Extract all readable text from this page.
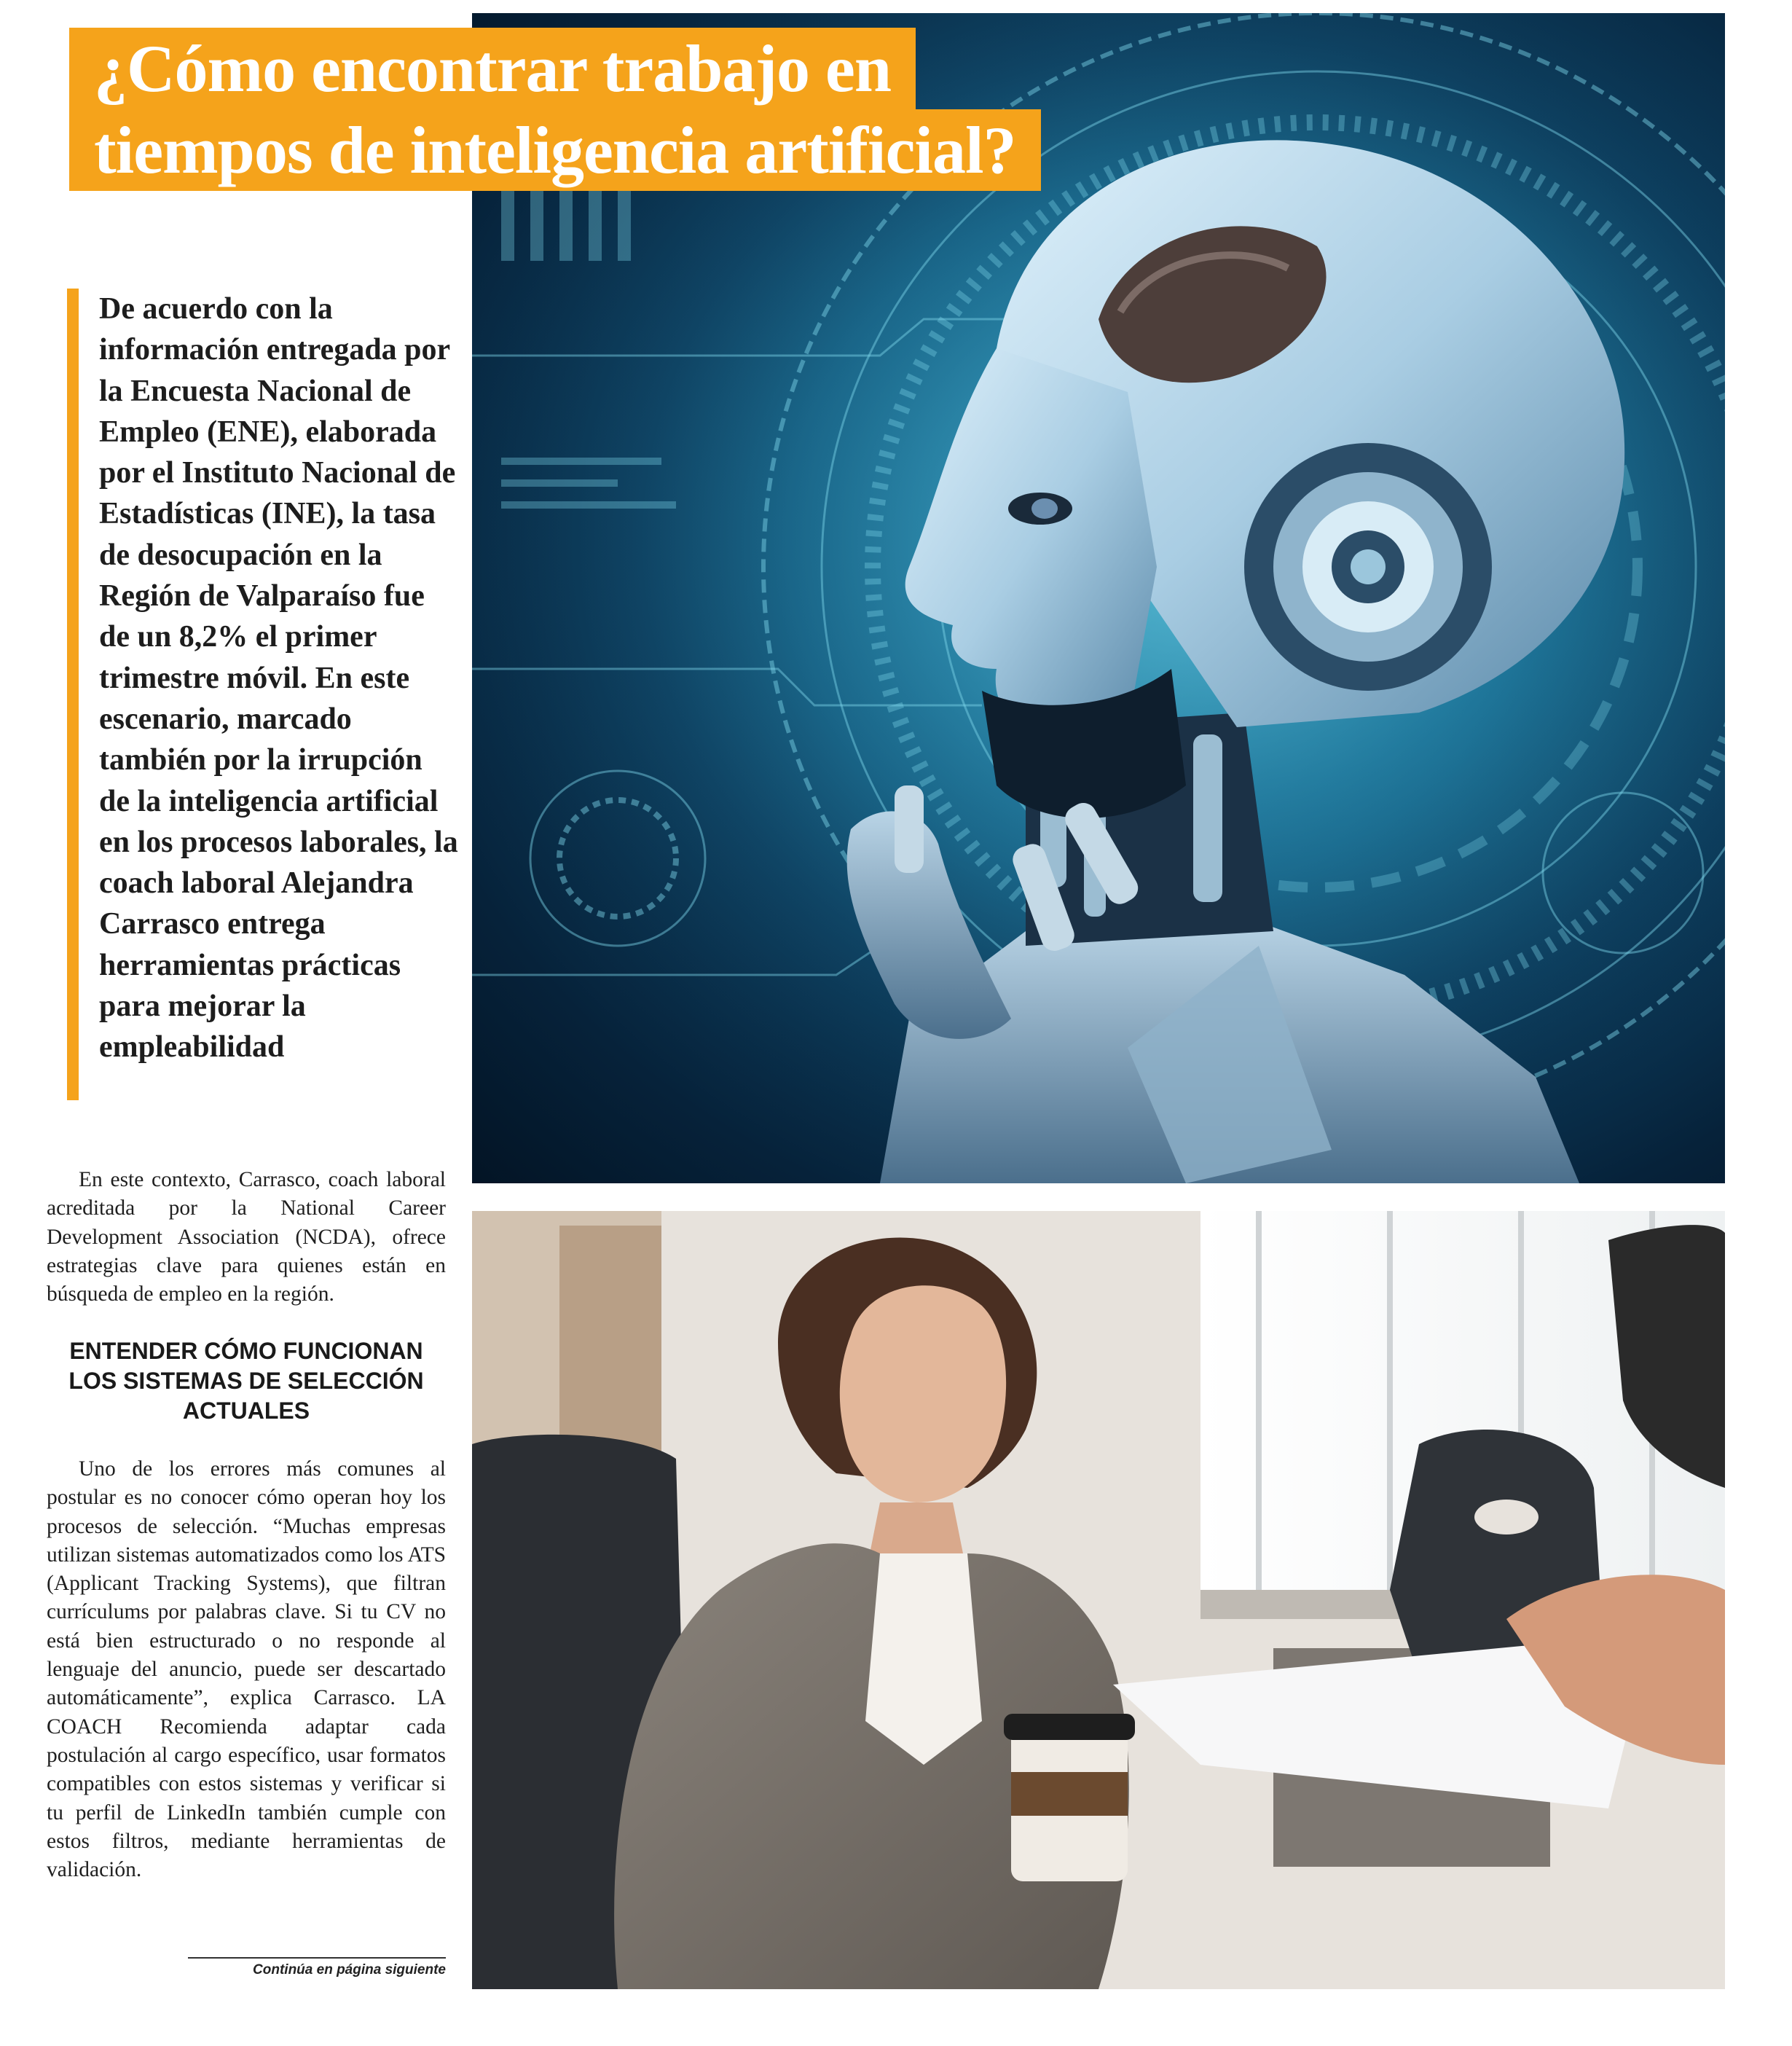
¿Cómo encontrar trabajo en
tiempos de inteligencia artificial?
De acuerdo con la información entregada por la Encuesta Nacional de Empleo (ENE), elaborada por el Instituto Nacional de Estadísticas (INE), la tasa de desocupación en la Región de Valparaíso fue de un 8,2% el primer trimestre móvil. En este escenario, marcado también por la irrupción de la inteligencia artificial en los procesos laborales, la coach laboral Alejandra Carrasco entrega herramientas prácticas para mejorar la empleabilidad
En este contexto, Carrasco, coach laboral acreditada por la National Career Development Association (NCDA), ofrece estrategias clave para quienes están en búsqueda de empleo en la región.
ENTENDER CÓMO FUNCIONAN LOS SISTEMAS DE SELECCIÓN ACTUALES
Uno de los errores más comunes al postular es no conocer cómo operan hoy los procesos de selección. “Muchas empresas utilizan sistemas automatizados como los ATS (Applicant Tracking Systems), que filtran currículums por palabras clave. Si tu CV no está bien estructurado o no responde al lenguaje del anuncio, puede ser descartado automáticamente”, explica Carrasco. LA COACH Recomienda adaptar cada postulación al cargo específico, usar formatos compatibles con estos sistemas y verificar si tu perfil de LinkedIn también cumple con estos filtros, mediante herramientas de validación.
Continúa en página siguiente
